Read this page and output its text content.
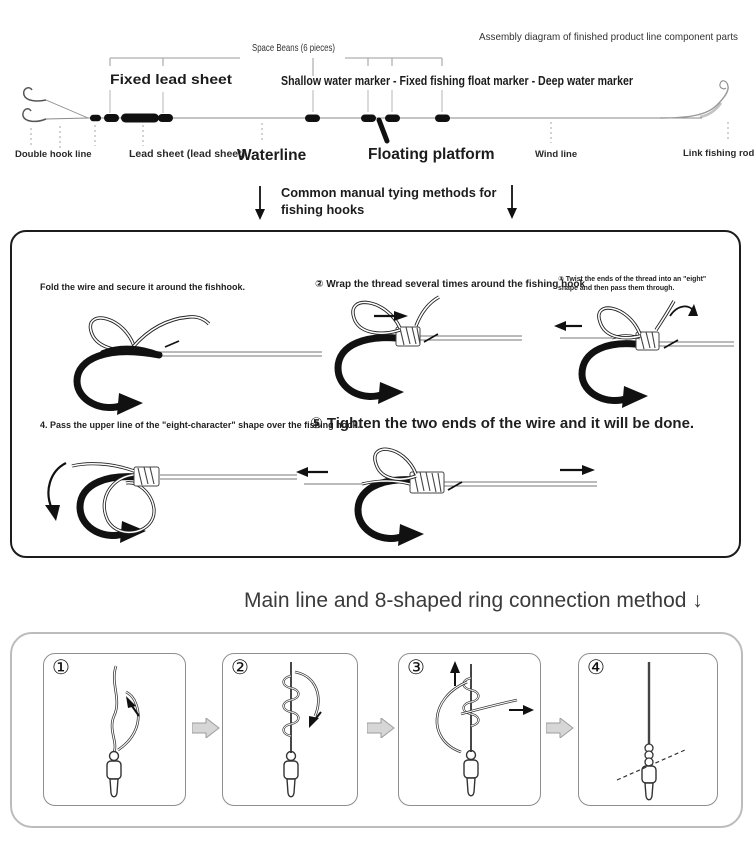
Assembly diagram of finished product line component parts
Space Beans (6 pieces)
Fixed lead sheet	Shallow water marker - Fixed fishing float marker - Deep water marker
Double hook line	Lead sheet (lead sheet)
Waterline	Floating platform	Wind line	Link fishing rod
Common manual tying methods for
fishing hooks
Fold the wire and secure it around the fishhook.	② Wrap the thread several times around the fishing hook
③ Twist the ends of the thread into an "eight" shape and then pass them through.
4. Pass the upper line of the "eight-character" shape over the fishing hook.
⑤ Tighten the two ends of the wire and it will be done.
Main line and 8-shaped ring connection method ↓
①	②	③	④
